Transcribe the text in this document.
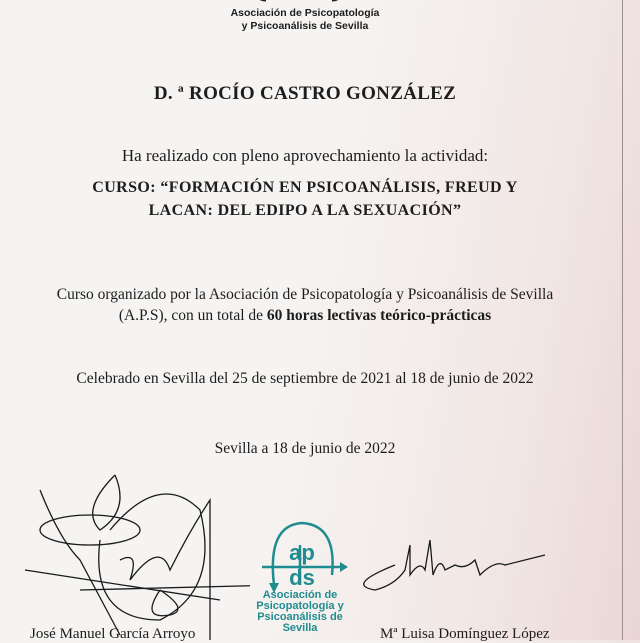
Asociación de Psicopatología
y Psicoanálisis de Sevilla
D. ª ROCÍO CASTRO GONZÁLEZ
Ha realizado con pleno aprovechamiento la actividad:
CURSO: “FORMACIÓN EN PSICOANÁLISIS, FREUD Y
LACAN: DEL EDIPO A LA SEXUACIÓN”
Curso organizado por la Asociación de Psicopatología y Psicoanálisis de Sevilla
(A.P.S), con un total de 60 horas lectivas teórico-prácticas
Celebrado en Sevilla del 25 de septiembre de 2021 al 18 de junio de 2022
Sevilla a 18 de junio de 2022
ap
ds
Asociación de
Psicopatología y
Psicoanálisis de
Sevilla
José Manuel García Arroyo	Mª Luisa Domínguez López
